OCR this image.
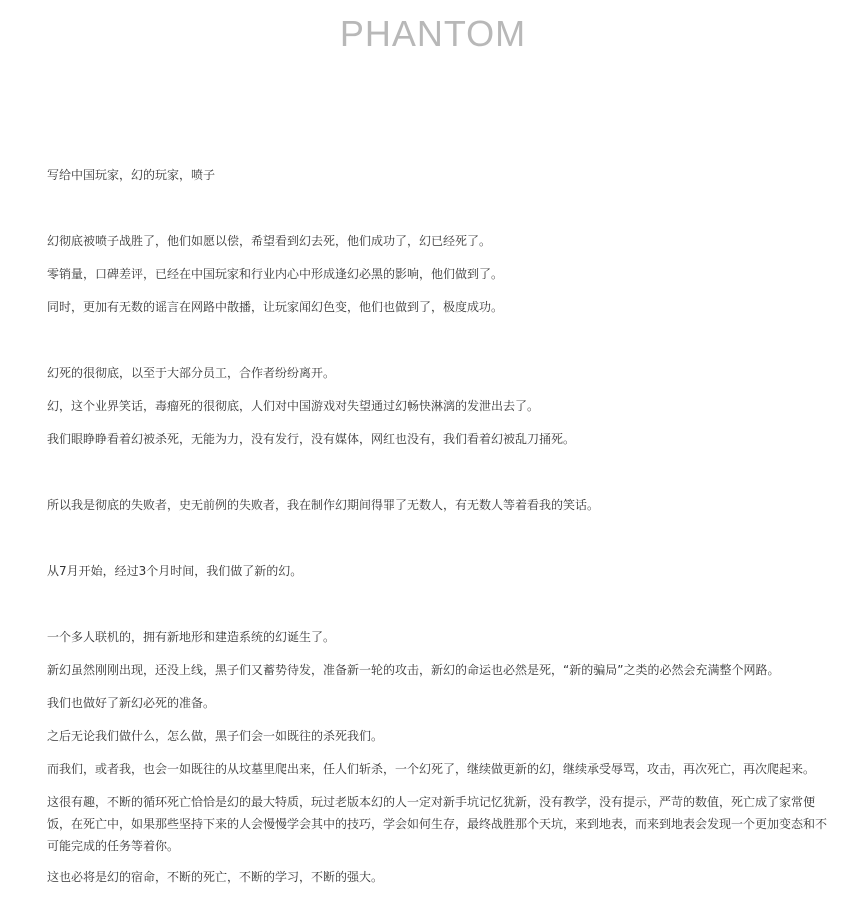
PHANTOM
写给中国玩家，幻的玩家，喷子
幻彻底被喷子战胜了，他们如愿以偿，希望看到幻去死，他们成功了，幻已经死了。
零销量，口碑差评，已经在中国玩家和行业内心中形成逢幻必黑的影响，他们做到了。
同时，更加有无数的谣言在网路中散播，让玩家闻幻色变，他们也做到了，极度成功。
幻死的很彻底，以至于大部分员工，合作者纷纷离开。
幻，这个业界笑话，毒瘤死的很彻底，人们对中国游戏对失望通过幻畅快淋漓的发泄出去了。
我们眼睁睁看着幻被杀死，无能为力，没有发行，没有媒体，网红也没有，我们看着幻被乱刀捅死。
所以我是彻底的失败者，史无前例的失败者，我在制作幻期间得罪了无数人，有无数人等着看我的笑话。
从7月开始，经过3个月时间，我们做了新的幻。
一个多人联机的，拥有新地形和建造系统的幻诞生了。
新幻虽然刚刚出现，还没上线，黑子们又蓄势待发，准备新一轮的攻击，新幻的命运也必然是死，“新的骗局”之类的必然会充满整个网路。
我们也做好了新幻必死的准备。
之后无论我们做什么，怎么做，黑子们会一如既往的杀死我们。
而我们，或者我，也会一如既往的从坟墓里爬出来，任人们斩杀，一个幻死了，继续做更新的幻，继续承受辱骂，攻击，再次死亡，再次爬起来。
这很有趣，不断的循环死亡恰恰是幻的最大特质，玩过老版本幻的人一定对新手坑记忆犹新，没有教学，没有提示，严苛的数值，死亡成了家常便饭，在死亡中，如果那些坚持下来的人会慢慢学会其中的技巧，学会如何生存，最终战胜那个天坑，来到地表，而来到地表会发现一个更加变态和不可能完成的任务等着你。
这也必将是幻的宿命，不断的死亡，不断的学习，不断的强大。
